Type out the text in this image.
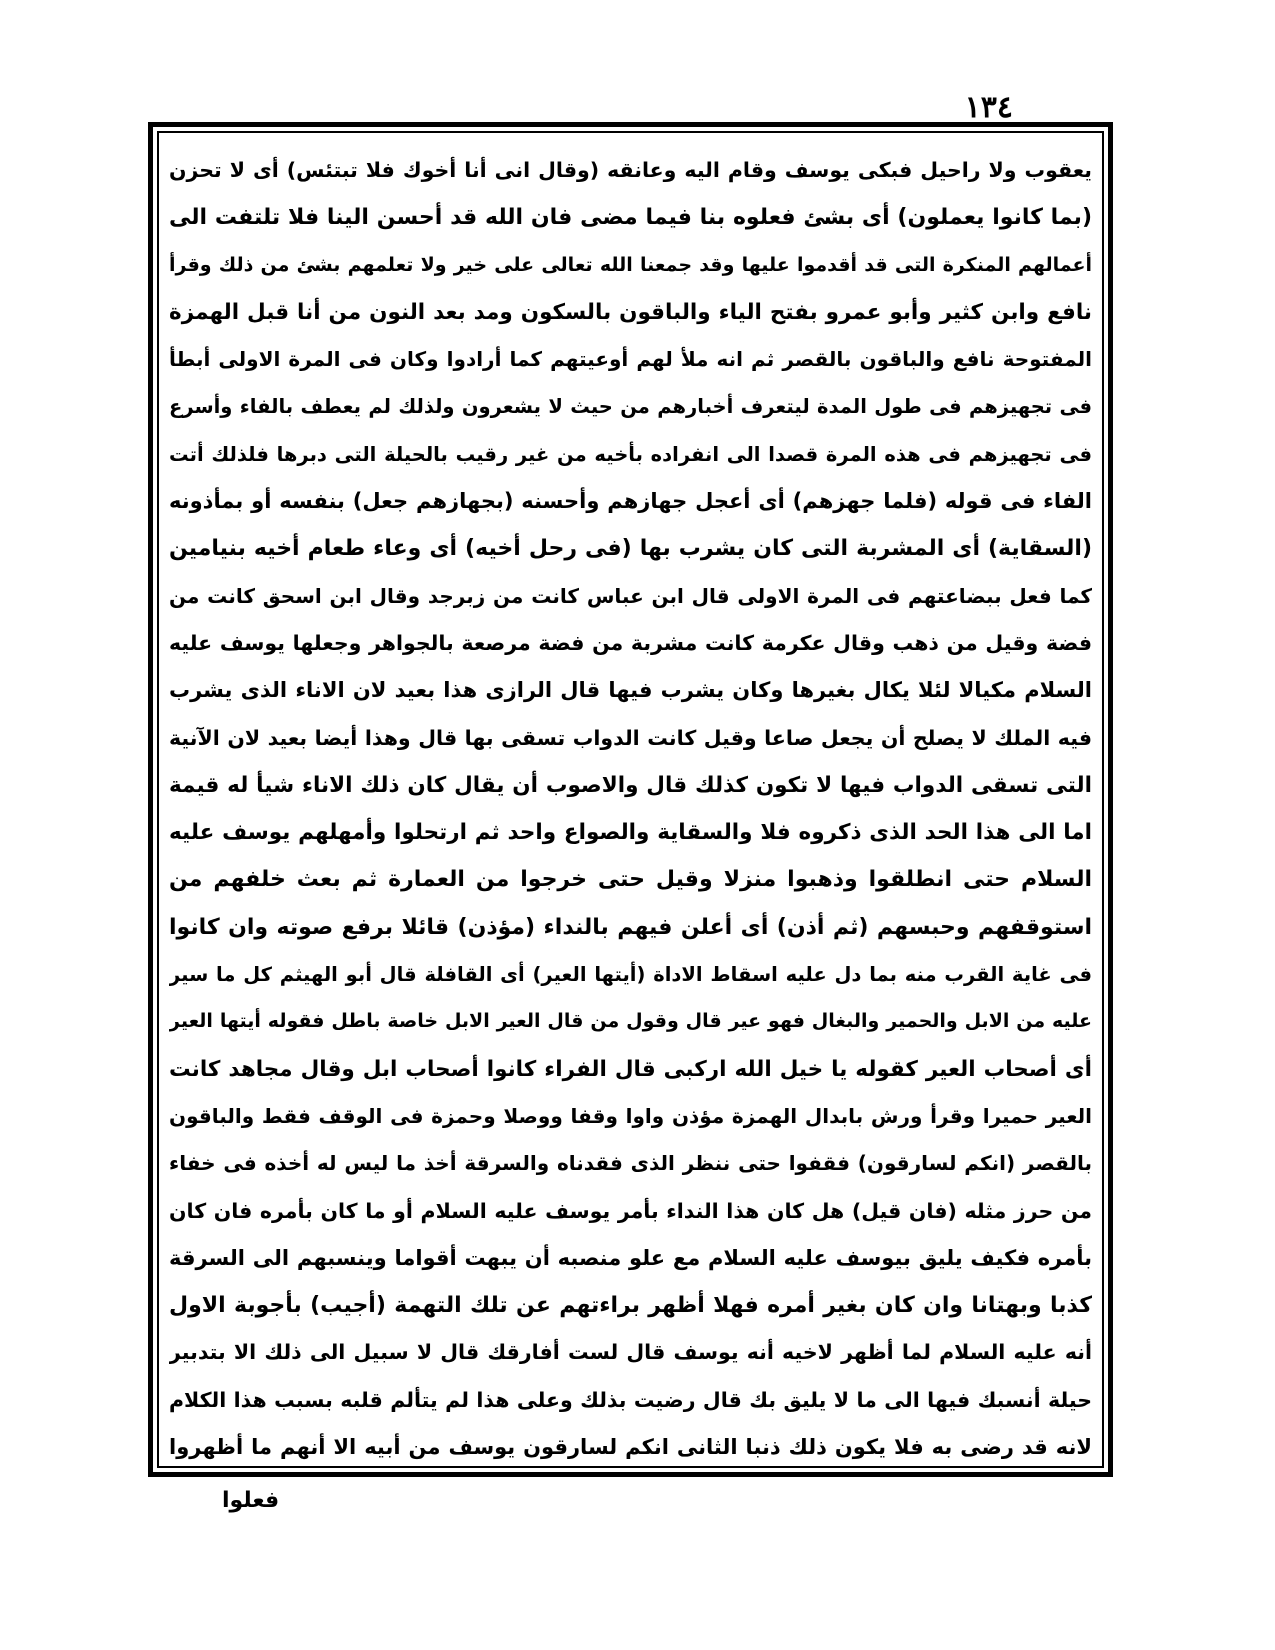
١٣٤
يعقوب ولا راحيل فبكى يوسف وقام اليه وعانقه (وقال انى أنا أخوك فلا تبتئس) أى لا تحزن
(بما كانوا يعملون) أى بشئ فعلوه بنا فيما مضى فان الله قد أحسن الينا فلا تلتفت الى
أعمالهم المنكرة التى قد أقدموا عليها وقد جمعنا الله تعالى على خير ولا تعلمهم بشئ من ذلك وقرأ
نافع وابن كثير وأبو عمرو بفتح الياء والباقون بالسكون ومد بعد النون من أنا قبل الهمزة
المفتوحة نافع والباقون بالقصر ثم انه ملأ لهم أوعيتهم كما أرادوا وكان فى المرة الاولى أبطأ
فى تجهيزهم فى طول المدة ليتعرف أخبارهم من حيث لا يشعرون ولذلك لم يعطف بالفاء وأسرع
فى تجهيزهم فى هذه المرة قصدا الى انفراده بأخيه من غير رقيب بالحيلة التى دبرها فلذلك أتت
الفاء فى قوله (فلما جهزهم) أى أعجل جهازهم وأحسنه (بجهازهم جعل) بنفسه أو بمأذونه
(السقاية) أى المشربة التى كان يشرب بها (فى رحل أخيه) أى وعاء طعام أخيه بنيامين
كما فعل ببضاعتهم فى المرة الاولى قال ابن عباس كانت من زبرجد وقال ابن اسحق كانت من
فضة وقيل من ذهب وقال عكرمة كانت مشربة من فضة مرصعة بالجواهر وجعلها يوسف عليه
السلام مكيالا لئلا يكال بغيرها وكان يشرب فيها قال الرازى هذا بعيد لان الاناء الذى يشرب
فيه الملك لا يصلح أن يجعل صاعا وقيل كانت الدواب تسقى بها قال وهذا أيضا بعيد لان الآنية
التى تسقى الدواب فيها لا تكون كذلك قال والاصوب أن يقال كان ذلك الاناء شيأ له قيمة
اما الى هذا الحد الذى ذكروه فلا والسقاية والصواع واحد ثم ارتحلوا وأمهلهم يوسف عليه
السلام حتى انطلقوا وذهبوا منزلا وقيل حتى خرجوا من العمارة ثم بعث خلفهم من
استوقفهم وحبسهم (ثم أذن) أى أعلن فيهم بالنداء (مؤذن) قائلا برفع صوته وان كانوا
فى غاية القرب منه بما دل عليه اسقاط الاداة (أيتها العير) أى القافلة قال أبو الهيثم كل ما سير
عليه من الابل والحمير والبغال فهو عير قال وقول من قال العير الابل خاصة باطل فقوله أيتها العير
أى أصحاب العير كقوله يا خيل الله اركبى قال الفراء كانوا أصحاب ابل وقال مجاهد كانت
العير حميرا وقرأ ورش بابدال الهمزة مؤذن واوا وقفا ووصلا وحمزة فى الوقف فقط والباقون
بالقصر (انكم لسارقون) فقفوا حتى ننظر الذى فقدناه والسرقة أخذ ما ليس له أخذه فى خفاء
من حرز مثله (فان قيل) هل كان هذا النداء بأمر يوسف عليه السلام أو ما كان بأمره فان كان
بأمره فكيف يليق بيوسف عليه السلام مع علو منصبه أن يبهت أقواما وينسبهم الى السرقة
كذبا وبهتانا وان كان بغير أمره فهلا أظهر براءتهم عن تلك التهمة (أجيب) بأجوبة الاول
أنه عليه السلام لما أظهر لاخيه أنه يوسف قال لست أفارقك قال لا سبيل الى ذلك الا بتدبير
حيلة أنسبك فيها الى ما لا يليق بك قال رضيت بذلك وعلى هذا لم يتألم قلبه بسبب هذا الكلام
لانه قد رضى به فلا يكون ذلك ذنبا الثانى انكم لسارقون يوسف من أبيه الا أنهم ما أظهروا
فعلوا
